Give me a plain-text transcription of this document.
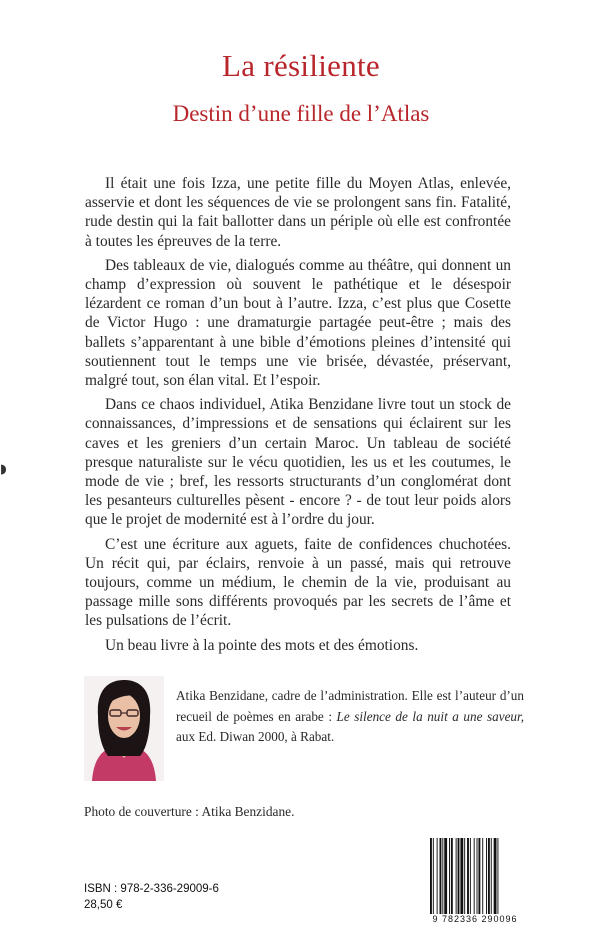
La résiliente
Destin d’une fille de l’Atlas

Il était une fois Izza, une petite fille du Moyen Atlas, enlevée, asservie et dont les séquences de vie se prolongent sans fin. Fatalité, rude destin qui la fait ballotter dans un périple où elle est confrontée à toutes les épreuves de la terre.

Des tableaux de vie, dialogués comme au théâtre, qui donnent un champ d’expression où souvent le pathétique et le désespoir lézardent ce roman d’un bout à l’autre. Izza, c’est plus que Cosette de Victor Hugo : une dramaturgie partagée peut-être ; mais des ballets s’apparentant à une bible d’émotions pleines d’intensité qui soutiennent tout le temps une vie brisée, dévastée, préservant, malgré tout, son élan vital. Et l’espoir.

Dans ce chaos individuel, Atika Benzidane livre tout un stock de connaissances, d’impressions et de sensations qui éclairent sur les caves et les greniers d’un certain Maroc. Un tableau de société presque naturaliste sur le vécu quotidien, les us et les coutumes, le mode de vie ; bref, les ressorts structurants d’un conglomérat dont les pesanteurs culturelles pèsent - encore ? - de tout leur poids alors que le projet de modernité est à l’ordre du jour.

C’est une écriture aux aguets, faite de confidences chuchotées. Un récit qui, par éclairs, renvoie à un passé, mais qui retrouve toujours, comme un médium, le chemin de la vie, produisant au passage mille sons différents provoqués par les secrets de l’âme et les pulsations de l’écrit.

Un beau livre à la pointe des mots et des émotions.

◗
Atika Benzidane, cadre de l’administration. Elle est l’auteur d’un recueil de poèmes en arabe : Le silence de la nuit a une saveur, aux Ed. Diwan 2000, à Rabat.
Photo de couverture : Atika Benzidane.
ISBN : 978-2-336-29009-6
28,50 €
9 782336 290096
